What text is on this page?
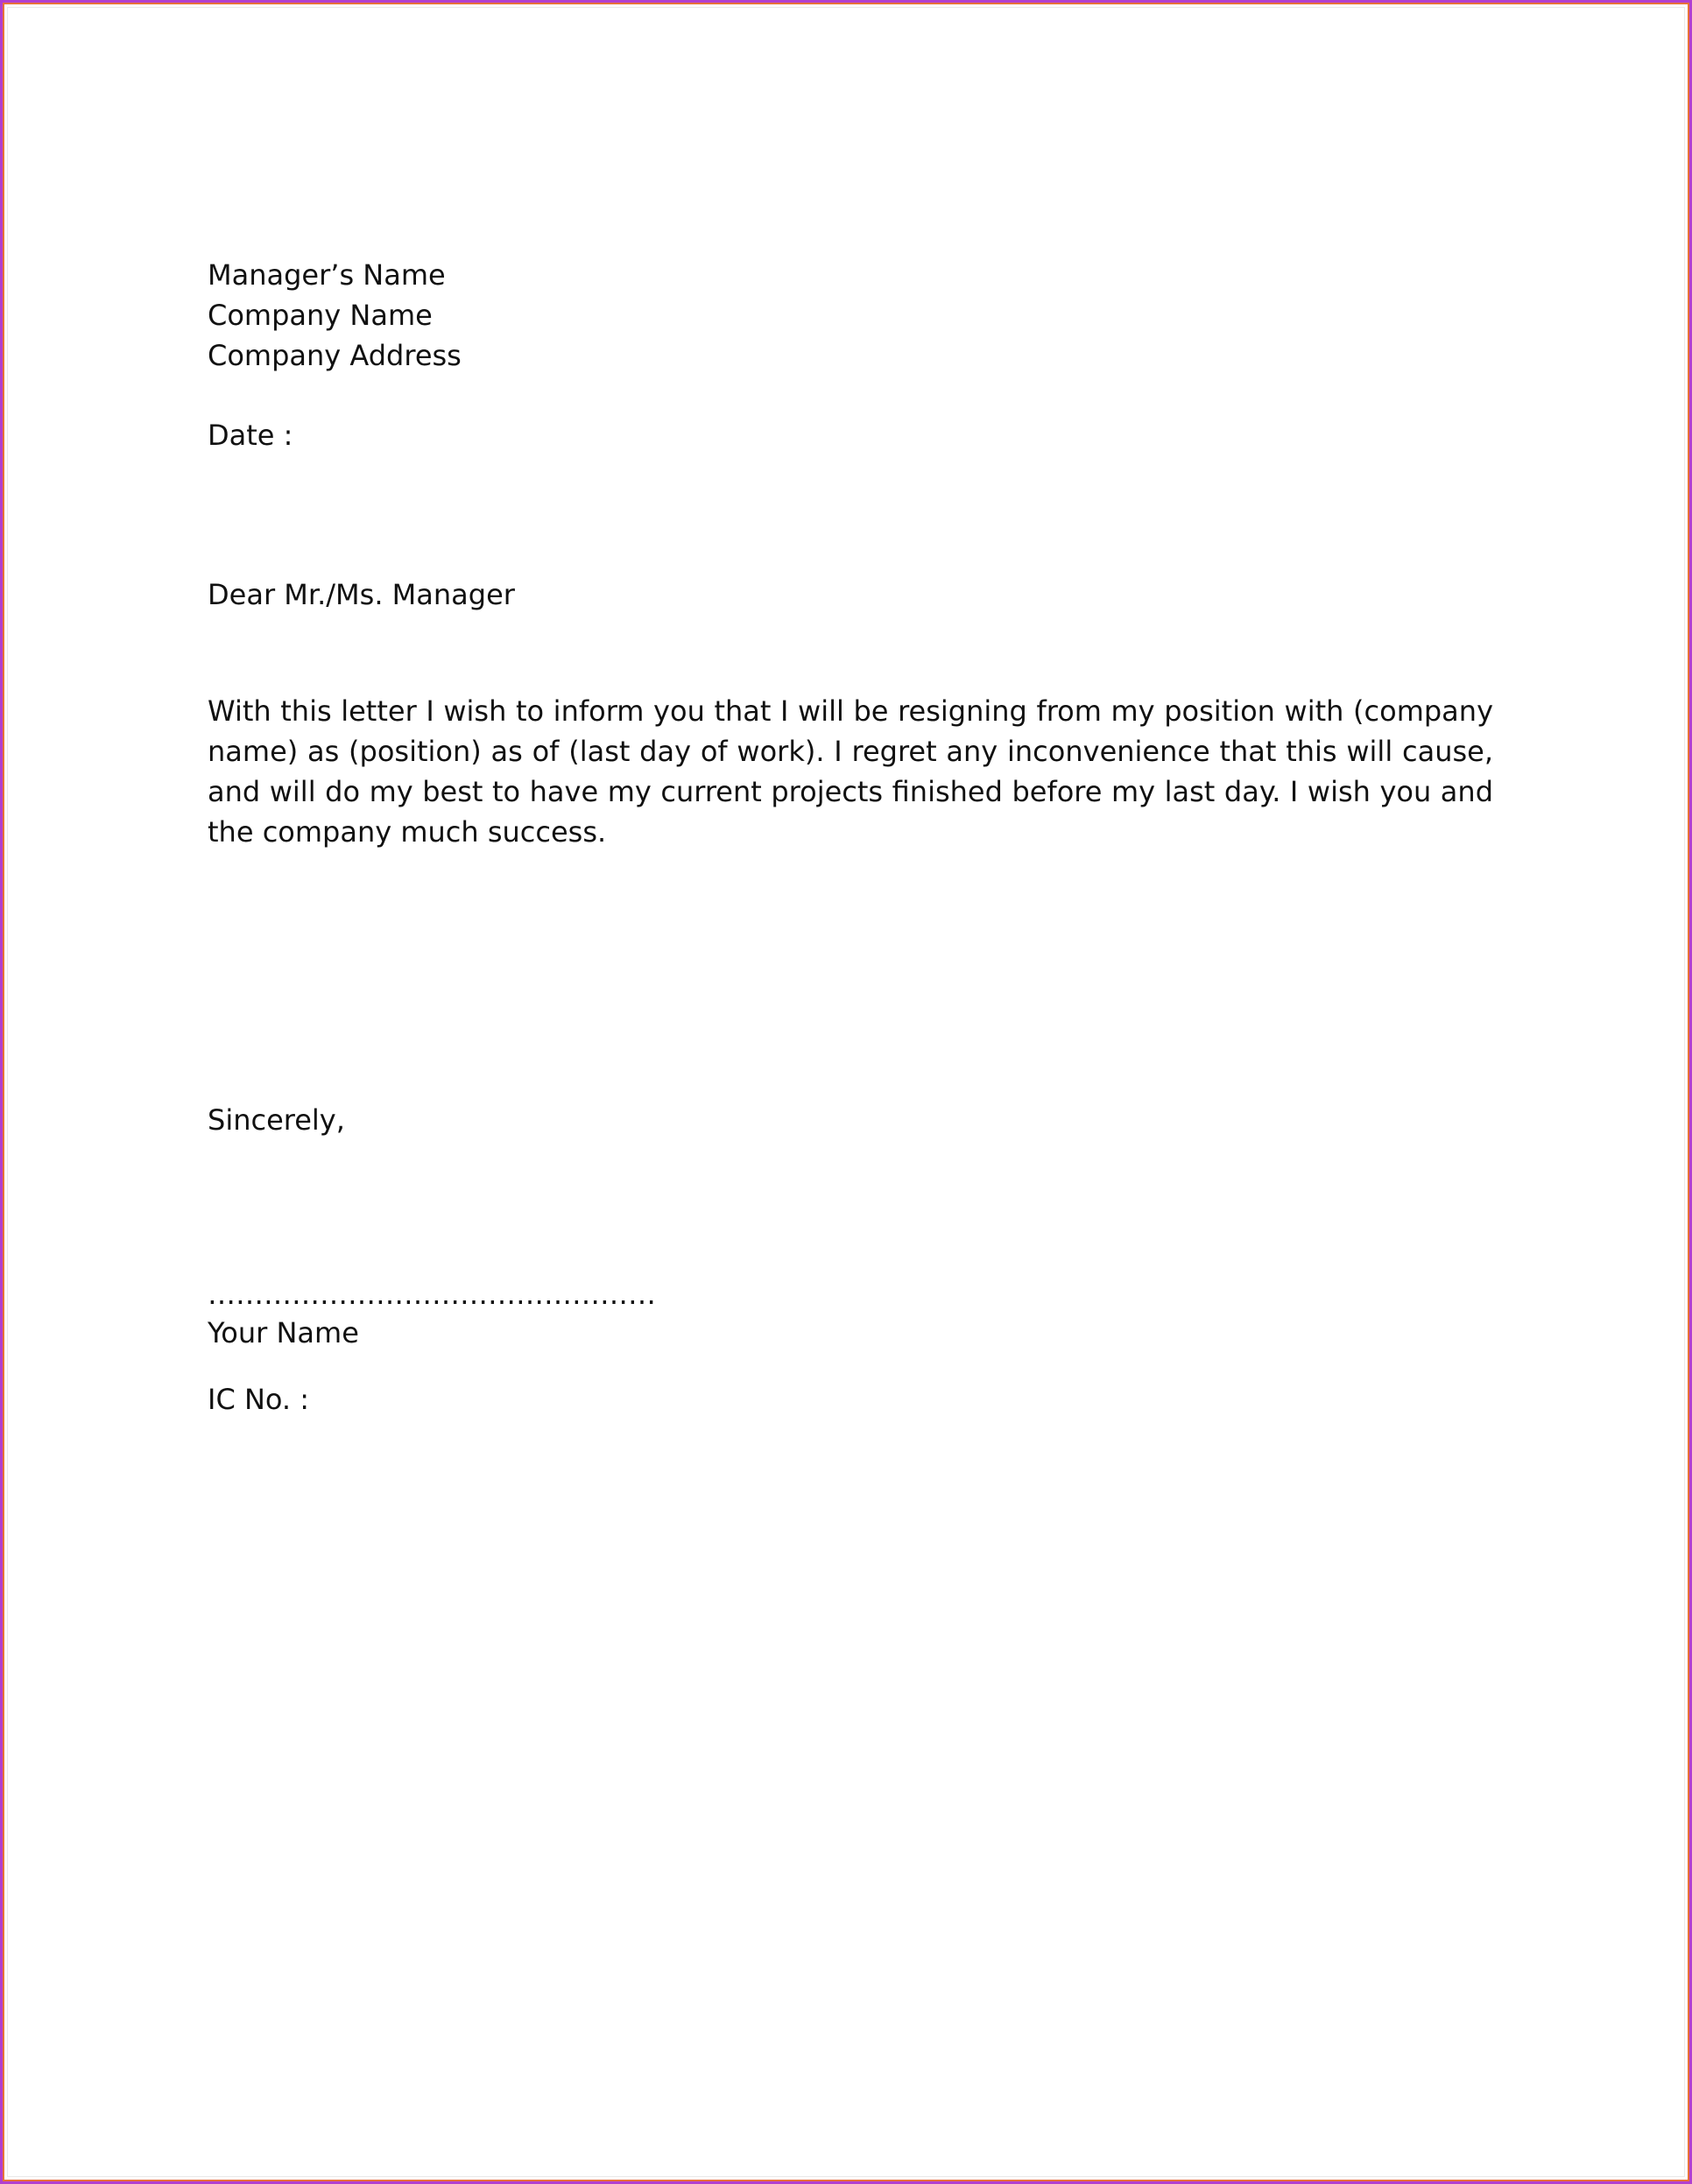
Manager’s Name
Company Name
Company Address
Date :
Dear Mr./Ms. Manager
With this letter I wish to inform you that I will be resigning from my position with (company name) as (position) as of (last day of work). I regret any inconvenience that this will cause, and will do my best to have my current projects finished before my last day. I wish you and the company much success.
Sincerely,
…………………………………………
Your Name
IC No. :
